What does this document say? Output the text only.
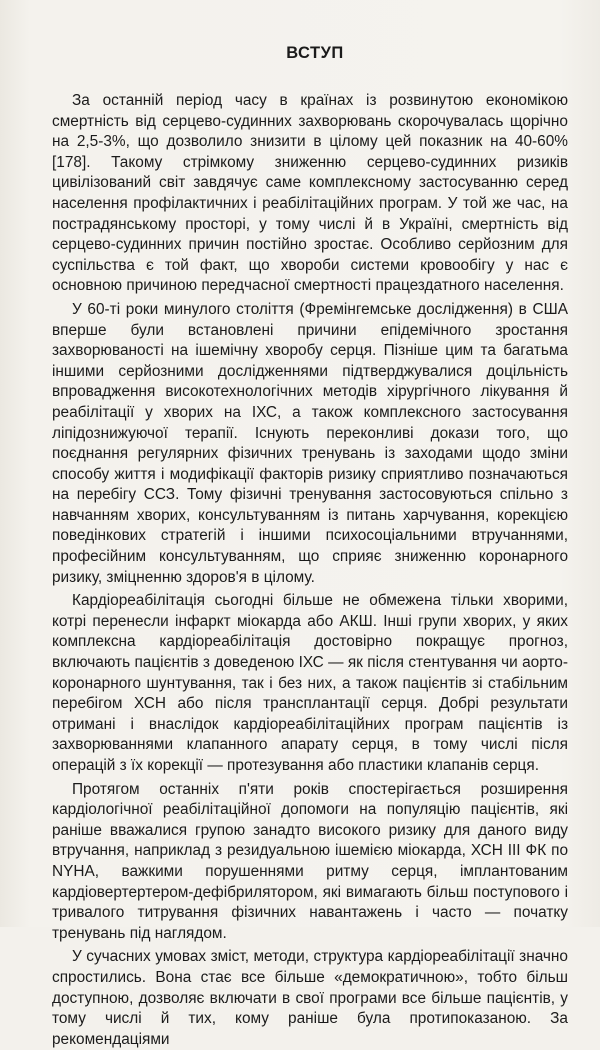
ВСТУП

За останній період часу в країнах із розвинутою економікою смертність від серцево-судинних захворювань скорочувалась щорічно на 2,5-3%, що дозволило знизити в цілому цей показник на 40-60% [178]. Такому стрімкому зниженню серцево-судинних ризиків цивілізований світ завдячує саме комплексному застосуванню серед населення профілактичних і реабілітаційних програм. У той же час, на пострадянському просторі, у тому числі й в Україні, смертність від серцево-судинних причин постійно зростає. Особливо серйозним для суспільства є той факт, що хвороби системи кровообігу у нас є основною причиною передчасної смертності працездатного населення.

У 60-ті роки минулого століття (Фремінгемське дослідження) в США вперше були встановлені причини епідемічного зростання захворюваності на ішемічну хворобу серця. Пізніше цим та багатьма іншими серйозними дослідженнями підтверджувалися доцільність впровадження високотехнологічних методів хірургічного лікування й реабілітації у хворих на ІХС, а також комплексного застосування ліпідознижуючої терапії. Існують переконливі докази того, що поєднання регулярних фізичних тренувань із заходами щодо зміни способу життя і модифікації факторів ризику сприятливо позначаються на перебігу ССЗ. Тому фізичні тренування застосовуються спільно з навчанням хворих, консультуванням із питань харчування, корекцією поведінкових стратегій і іншими психосоціальними втручаннями, професійним консультуванням, що сприяє зниженню коронарного ризику, зміцненню здоров'я в цілому.

Кардіореабілітація сьогодні більше не обмежена тільки хворими, котрі перенесли інфаркт міокарда або АКШ. Інші групи хворих, у яких комплексна кардіореабілітація достовірно покращує прогноз, включають пацієнтів з доведеною ІХС — як після стентування чи аорто-коронарного шунтування, так і без них, а також пацієнтів зі стабільним перебігом ХСН або після трансплантації серця. Добрі результати отримані і внаслідок кардіореабілітаційних програм пацієнтів із захворюваннями клапанного апарату серця, в тому числі після операцій з їх корекції — протезування або пластики клапанів серця.

Протягом останніх п'яти років спостерігається розширення кардіологічної реабілітаційної допомоги на популяцію пацієнтів, які раніше вважалися групою занадто високого ризику для даного виду втручання, наприклад з резидуальною ішемією міокарда, ХСН ІІІ ФК по NYHA, важкими порушеннями ритму серця, імплантованим кардіовертертером-дефібрилятором, які вимагають більш поступового і тривалого титрування фізичних навантажень і часто — початку тренувань під наглядом.

У сучасних умовах зміст, методи, структура кардіореабілітації значно спростились. Вона стає все більше «демократичною», тобто більш доступною, дозволяє включати в свої програми все більше пацієнтів, у тому числі й тих, кому раніше була протипоказаною. За рекомендаціями
